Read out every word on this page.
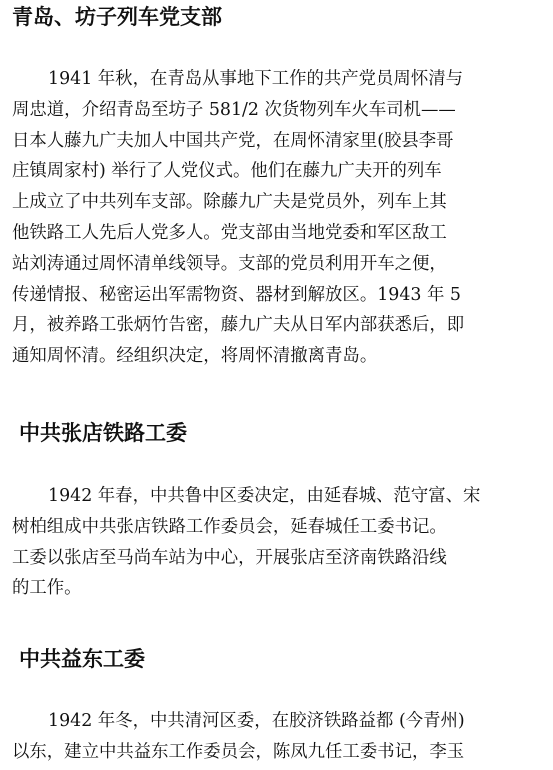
青岛、坊子列车党支部
1941 年秋，在青岛从事地下工作的共产党员周怀清与
周忠道，介绍青岛至坊子 581/2 次货物列车火车司机——
日本人藤九广夫加人中国共产党，在周怀清家里(胶县李哥
庄镇周家村) 举行了人党仪式。他们在藤九广夫开的列车
上成立了中共列车支部。除藤九广夫是党员外，列车上其
他铁路工人先后人党多人。党支部由当地党委和军区敌工
站刘涛通过周怀清单线领导。支部的党员利用开车之便，
传递情报、秘密运出军需物资、器材到解放区。1943 年 5
月，被养路工张炳竹告密，藤九广夫从日军内部获悉后，即
通知周怀清。经组织决定，将周怀清撤离青岛。
中共张店铁路工委
1942 年春，中共鲁中区委决定，由延春城、范守富、宋
树柏组成中共张店铁路工作委员会，延春城任工委书记。
工委以张店至马尚车站为中心，开展张店至济南铁路沿线
的工作。
中共益东工委
1942 年冬，中共清河区委，在胶济铁路益都 (今青州)
以东，建立中共益东工作委员会，陈凤九任工委书记，李玉
